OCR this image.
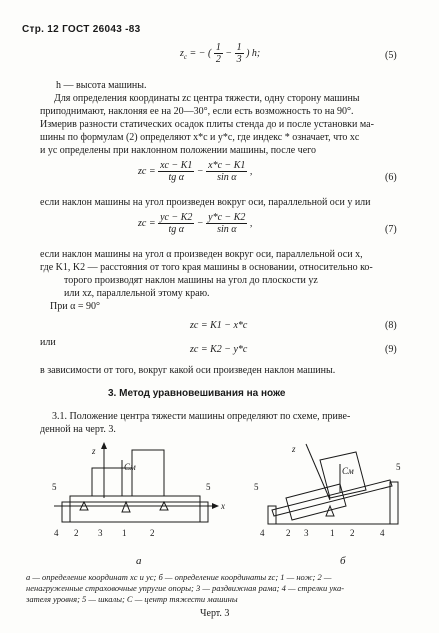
Стр. 12 ГОСТ 26043 -83
$z_c$ = − ( $\frac{1}{2} - \frac{1}{3}$ ) h;	(5)
h — высота машины.
Для определения координаты zc центра тяжести, одну сторону машины
приподнимают, наклоняя ее на 20—30°, если есть возможность то на 90°.
Измерив разности статических осадок плиты стенда до и после установки ма-
шины по формулам (2) определяют x*c и y*c, где индекс * означает, что xc
и yc определены при наклонном положении машины, после чего
zc = $\frac{xc - K1}{\text{tg α}} - \frac{x*c - K1}{\text{sin α}}$ ,
(6)
если наклон машины на угол произведен вокруг оси, параллельной оси y или
zc = $\frac{yc - K2}{\text{tg α}} - \frac{y*c - K2}{\text{sin α}}$ ,
(7)
если наклон машины на угол α произведен вокруг оси, параллельной оси x,
где K1, K2 — расстояния от того края машины в основании, относительно ко-
торого производят наклон машины на угол до плоскости yz
или xz, параллельной этому краю.
При α = 90°
zc = K1 − x*c	(8)
или
zc = K2 − y*c	(9)
в зависимости от того, вокруг какой оси произведен наклон машины.
3. Метод уравновешивания на ноже
3.1. Положение центра тяжести машины определяют по схеме, приве-
денной на черт. 3.
z
Cм
x
5	5
4 2 3 1	2
а
z
Cм
5
5
4 2 3 1 2	4
б
а — определение координат xc и yc; б — определение координаты zc; 1 — нож; 2 —
ненагруженные страховочные упругие опоры; 3 — раздвижная рама; 4 — стрелки ука-
зателя уровня; 5 — шкалы; C — центр тяжести машины
Черт. 3
